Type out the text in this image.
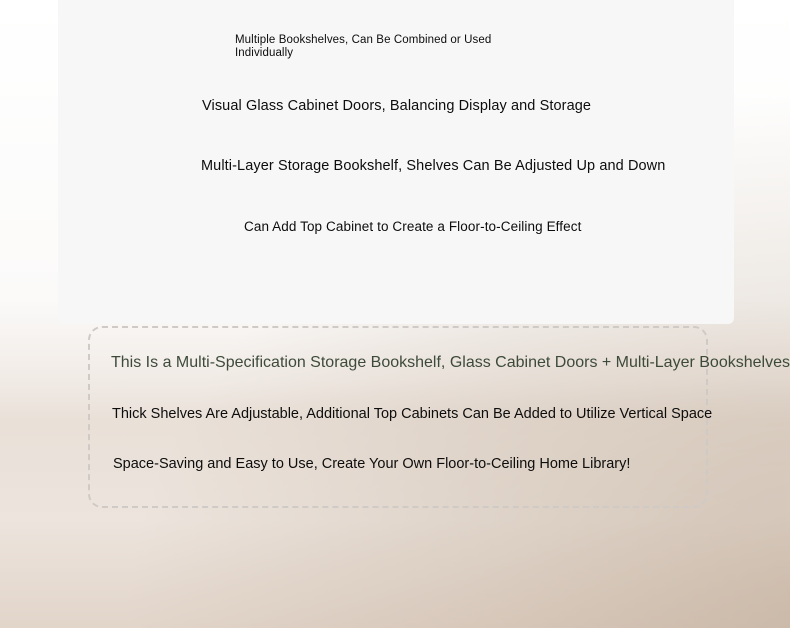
Multiple Bookshelves, Can Be Combined or Used Individually

Visual Glass Cabinet Doors, Balancing Display and Storage

Multi-Layer Storage Bookshelf, Shelves Can Be Adjusted Up and Down

Can Add Top Cabinet to Create a Floor-to-Ceiling Effect

This Is a Multi-Specification Storage Bookshelf, Glass Cabinet Doors + Multi-Layer Bookshelves

Thick Shelves Are Adjustable, Additional Top Cabinets Can Be Added to Utilize Vertical Space

Space-Saving and Easy to Use, Create Your Own Floor-to-Ceiling Home Library!
